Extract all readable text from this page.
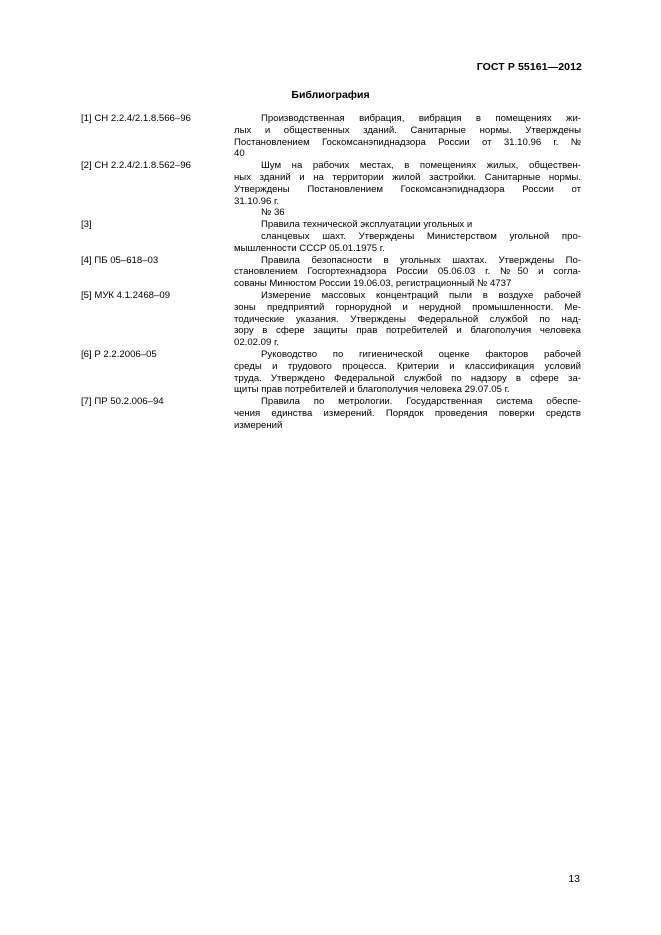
ГОСТ Р 55161—2012
Библиография
[1] СН 2.2.4/2.1.8.566–96	Производственная вибрация, вибрация в помещениях жи-
лых и общественных зданий. Санитарные нормы. Утверждены
Постановлением Госкомсанэпиднадзора России от 31.10.96 г. №
40
[2] СН 2.2.4/2.1.8.562–96	Шум на рабочих местах, в помещениях жилых, обществен-
ных зданий и на территории жилой застройки. Санитарные нормы.
Утверждены Постановлением Госкомсанэпиднадзора России от
31.10.96 г.
№ 36
[3]	Правила технической эксплуатации угольных и
сланцевых шахт. Утверждены Министерством угольной про-
мышленности СССР 05.01.1975 г.
[4] ПБ 05–618–03	Правила безопасности в угольных шахтах. Утверждены По-
становлением Госгортехнадзора России 05.06.03 г. №50 и согла-
сованы Минюстом России 19.06.03, регистрационный № 4737
[5] МУК 4.1.2468–09	Измерение массовых концентраций пыли в воздухе рабочей
зоны предприятий горнорудной и нерудной промышленности. Ме-
тодические указания. Утверждены Федеральной службой по над-
зору в сфере защиты прав потребителей и благополучия человека
02.02.09 г.
[6] Р 2.2.2006–05	Руководство по гигиенической оценке факторов рабочей
среды и трудового процесса. Критерии и классификация условий
труда. Утверждено Федеральной службой по надзору в сфере за-
щиты прав потребителей и благополучия человека 29.07.05 г.
[7] ПР 50.2.006–94	Правила по метрологии. Государственная система обеспе-
чения единства измерений. Порядок проведения поверки средств
измерений
13
